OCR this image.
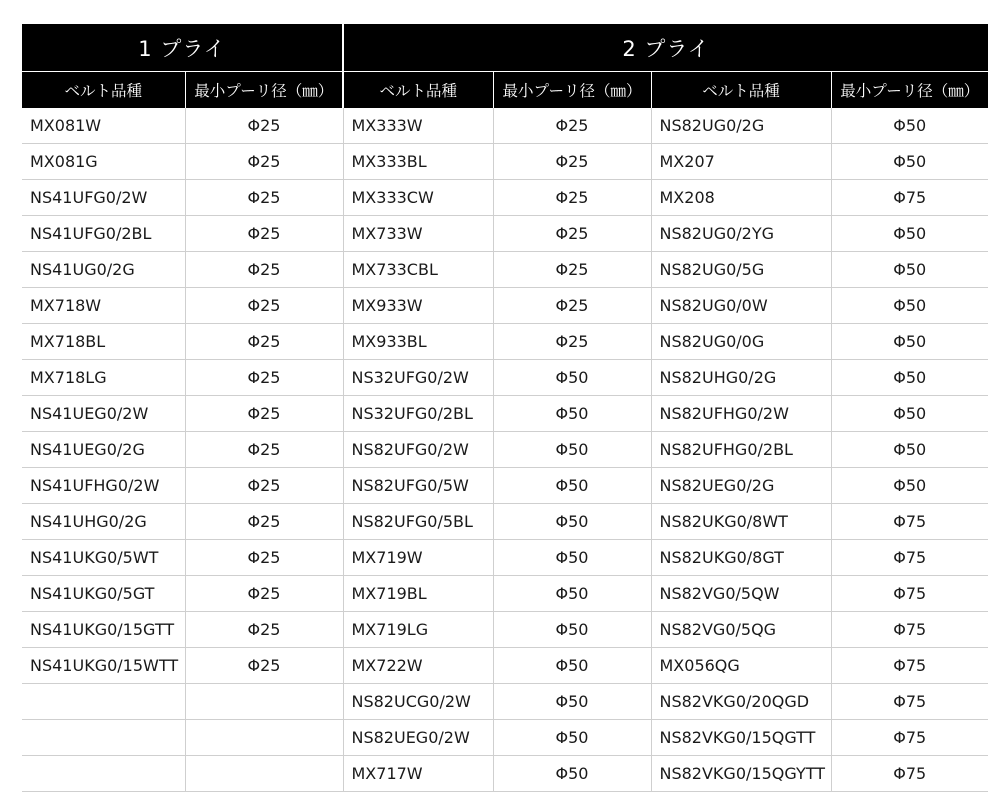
1 プライ		2 プライ			
ベルト品種	最小プーリ径（㎜）	ベルト品種	最小プーリ径（㎜）	ベルト品種	最小プーリ径（㎜）
MX081W	Φ25	MX333W	Φ25	NS82UG0/2G	Φ50
MX081G	Φ25	MX333BL	Φ25	MX207	Φ50
NS41UFG0/2W	Φ25	MX333CW	Φ25	MX208	Φ75
NS41UFG0/2BL	Φ25	MX733W	Φ25	NS82UG0/2YG	Φ50
NS41UG0/2G	Φ25	MX733CBL	Φ25	NS82UG0/5G	Φ50
MX718W	Φ25	MX933W	Φ25	NS82UG0/0W	Φ50
MX718BL	Φ25	MX933BL	Φ25	NS82UG0/0G	Φ50
MX718LG	Φ25	NS32UFG0/2W	Φ50	NS82UHG0/2G	Φ50
NS41UEG0/2W	Φ25	NS32UFG0/2BL	Φ50	NS82UFHG0/2W	Φ50
NS41UEG0/2G	Φ25	NS82UFG0/2W	Φ50	NS82UFHG0/2BL	Φ50
NS41UFHG0/2W	Φ25	NS82UFG0/5W	Φ50	NS82UEG0/2G	Φ50
NS41UHG0/2G	Φ25	NS82UFG0/5BL	Φ50	NS82UKG0/8WT	Φ75
NS41UKG0/5WT	Φ25	MX719W	Φ50	NS82UKG0/8GT	Φ75
NS41UKG0/5GT	Φ25	MX719BL	Φ50	NS82VG0/5QW	Φ75
NS41UKG0/15GTT	Φ25	MX719LG	Φ50	NS82VG0/5QG	Φ75
NS41UKG0/15WTT	Φ25	MX722W	Φ50	MX056QG	Φ75
		NS82UCG0/2W	Φ50	NS82VKG0/20QGD	Φ75
		NS82UEG0/2W	Φ50	NS82VKG0/15QGTT	Φ75
		MX717W	Φ50	NS82VKG0/15QGYTT	Φ75
